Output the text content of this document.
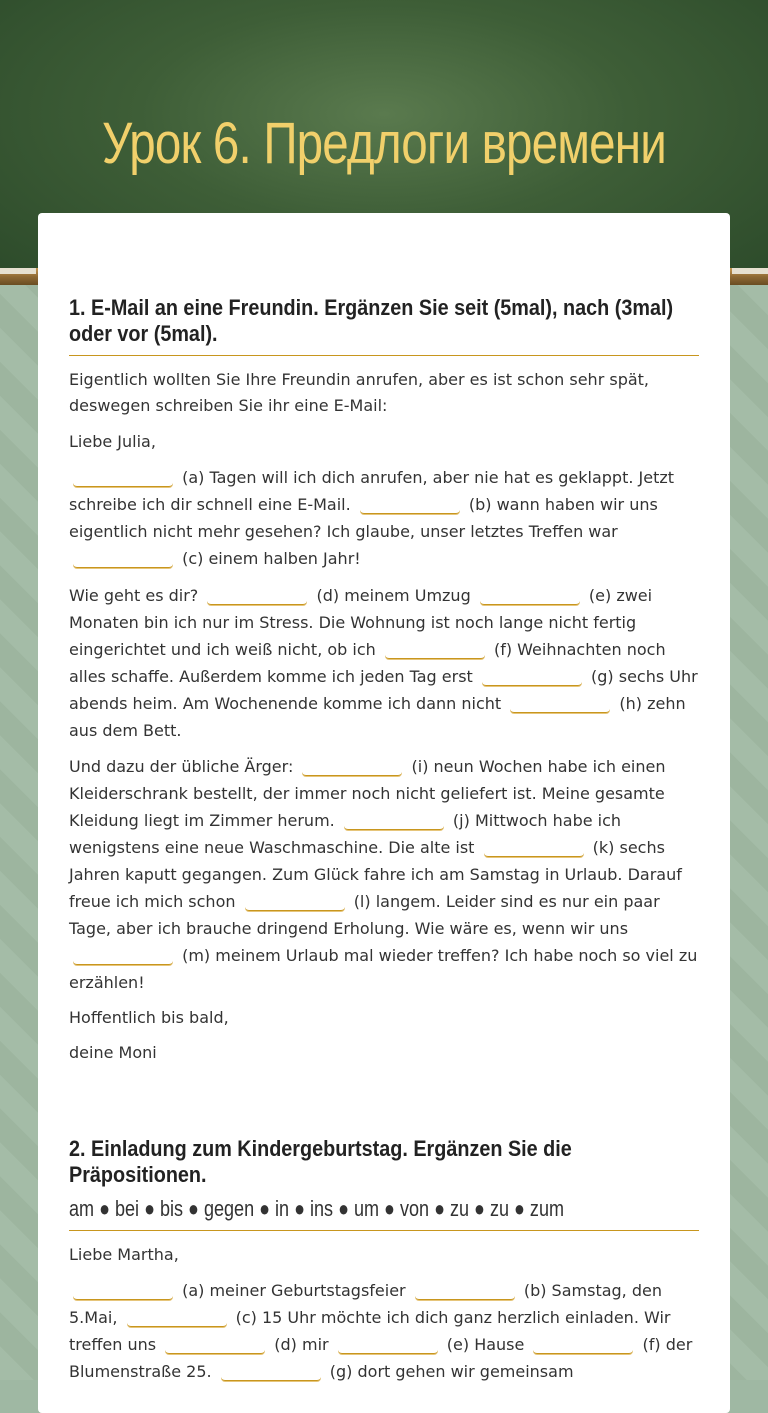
Урок 6. Предлоги времени
1. E-Mail an eine Freundin. Ergänzen Sie seit (5mal), nach (3mal) oder vor (5mal).

Eigentlich wollten Sie Ihre Freundin anrufen, aber es ist schon sehr spät, deswegen schreiben Sie ihr eine E-Mail:

Liebe Julia,

(a) Tagen will ich dich anrufen, aber nie hat es geklappt. Jetzt schreibe ich dir schnell eine E-Mail.	(b) wann haben wir uns eigentlich nicht mehr gesehen? Ich glaube, unser letztes Treffen war  (c) einem halben Jahr!

Wie geht es dir?	(d) meinem Umzug	(e) zwei Monaten bin ich nur im Stress. Die Wohnung ist noch lange nicht fertig eingerichtet und ich weiß nicht, ob ich	(f) Weihnachten noch alles schaffe. Außerdem komme ich jeden Tag erst	(g) sechs Uhr abends heim. Am Wochenende komme ich dann nicht	(h) zehn aus dem Bett.

Und dazu der übliche Ärger:	(i) neun Wochen habe ich einen Kleiderschrank bestellt, der immer noch nicht geliefert ist. Meine gesamte Kleidung liegt im Zimmer herum.	(j) Mittwoch habe ich wenigstens eine neue Waschmaschine. Die alte ist	(k) sechs Jahren kaputt gegangen. Zum Glück fahre ich am Samstag in Urlaub. Darauf freue ich mich schon	(l) langem. Leider sind es nur ein paar Tage, aber ich brauche dringend Erholung. Wie wäre es, wenn wir uns  (m) meinem Urlaub mal wieder treffen? Ich habe noch so viel zu erzählen!

Hoffentlich bis bald,

deine Moni

2. Einladung zum Kindergeburtstag. Ergänzen Sie die Präpositionen.
am ● bei ● bis ● gegen ● in ● ins ● um ● von ● zu ● zu ● zum

Liebe Martha,

(a) meiner Geburtstagsfeier	(b) Samstag, den 5.Mai,	(c) 15 Uhr möchte ich dich ganz herzlich einladen. Wir treffen uns	(d) mir	(e) Hause	(f) der Blumenstraße 25.	(g) dort gehen wir gemeinsam
